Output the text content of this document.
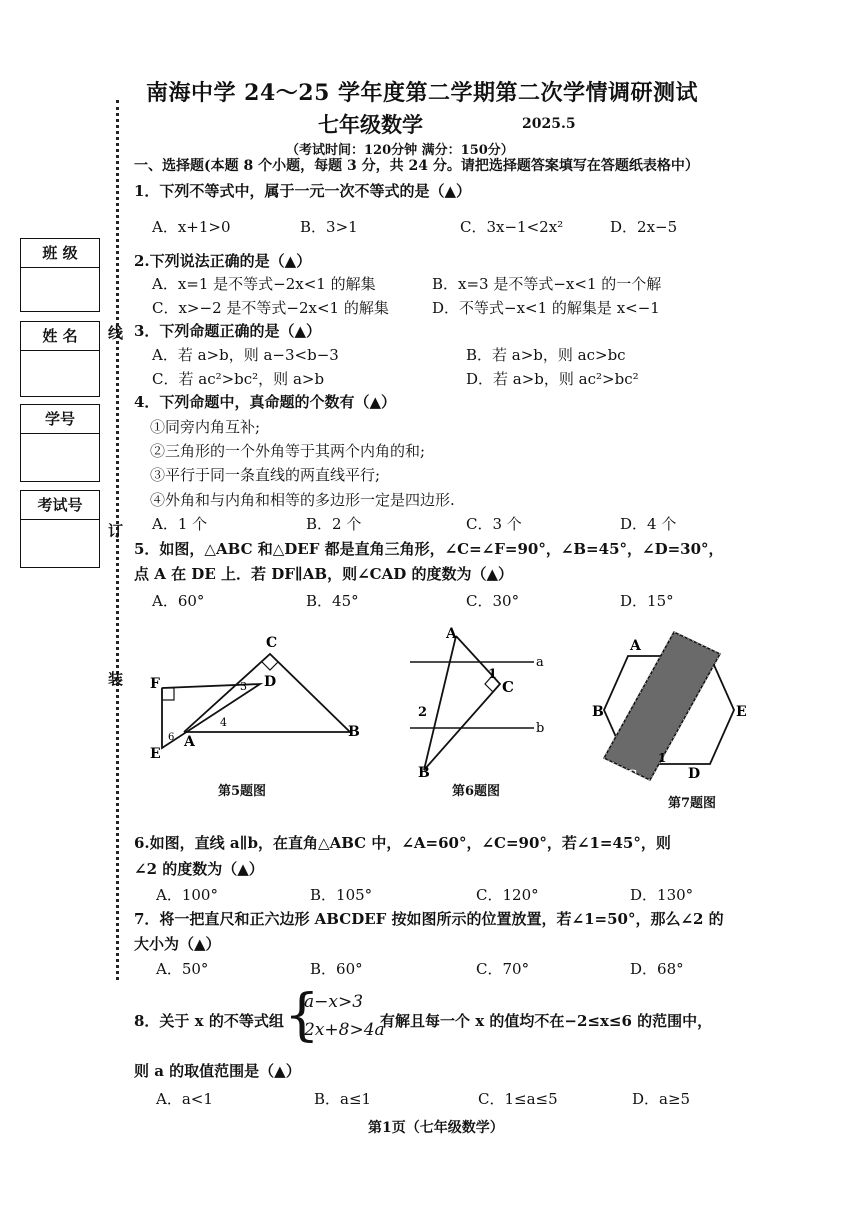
线
订
装
班 级
姓 名
学号
考试号
南海中学 24～25 学年度第二学期第二次学情调研测试
七年级数学	2025.5
（考试时间：120分钟 满分：150分）
一、选择题(本题 8 个小题，每题 3 分，共 24 分。请把选择题答案填写在答题纸表格中）
1．下列不等式中，属于一元一次不等式的是（▲）
A．x+1>0	B．3>1	C．3x−1<2x²	D．2x−5
2.下列说法正确的是（▲）
A．x=1 是不等式−2x<1 的解集	B．x=3 是不等式−x<1 的一个解
C．x>−2 是不等式−2x<1 的解集	D．不等式−x<1 的解集是 x<−1
3．下列命题正确的是（▲）
A．若 a>b，则 a−3<b−3	B．若 a>b，则 ac>bc
C．若 ac²>bc²，则 a>b	D．若 a>b，则 ac²>bc²
4．下列命题中，真命题的个数有（▲）
①同旁内角互补;
②三角形的一个外角等于其两个内角的和;
③平行于同一条直线的两直线平行;
④外角和与内角和相等的多边形一定是四边形.
A．1 个	B．2 个	C．3 个	D．4 个
5．如图，△ABC 和△DEF 都是直角三角形，∠C=∠F=90°，∠B=45°，∠D=30°，
点 A 在 DE 上．若 DF∥AB，则∠CAD 的度数为（▲）
A．60°	B．45°	C．30°	D．15°
C
F	D
A
B
E
3
4
6
第5题图
A
C
B
a
b
1
2
第6题图
A
B
C	D
E
1
2
第7题图
6.如图，直线 a∥b，在直角△ABC 中，∠A=60°，∠C=90°，若∠1=45°，则
∠2 的度数为（▲）
A．100°	B．105°	C．120°	D．130°
7．将一把直尺和正六边形 ABCDEF 按如图所示的位置放置，若∠1=50°，那么∠2 的
大小为（▲）
A．50°	B．60°	C．70°	D．68°
8．关于 x 的不等式组 {
a−x>3
2x+8>4a
有解且每一个 x 的值均不在−2≤x≤6 的范围中，
则 a 的取值范围是（▲）
A．a<1	B．a≤1	C．1≤a≤5	D．a≥5
第1页（七年级数学）
